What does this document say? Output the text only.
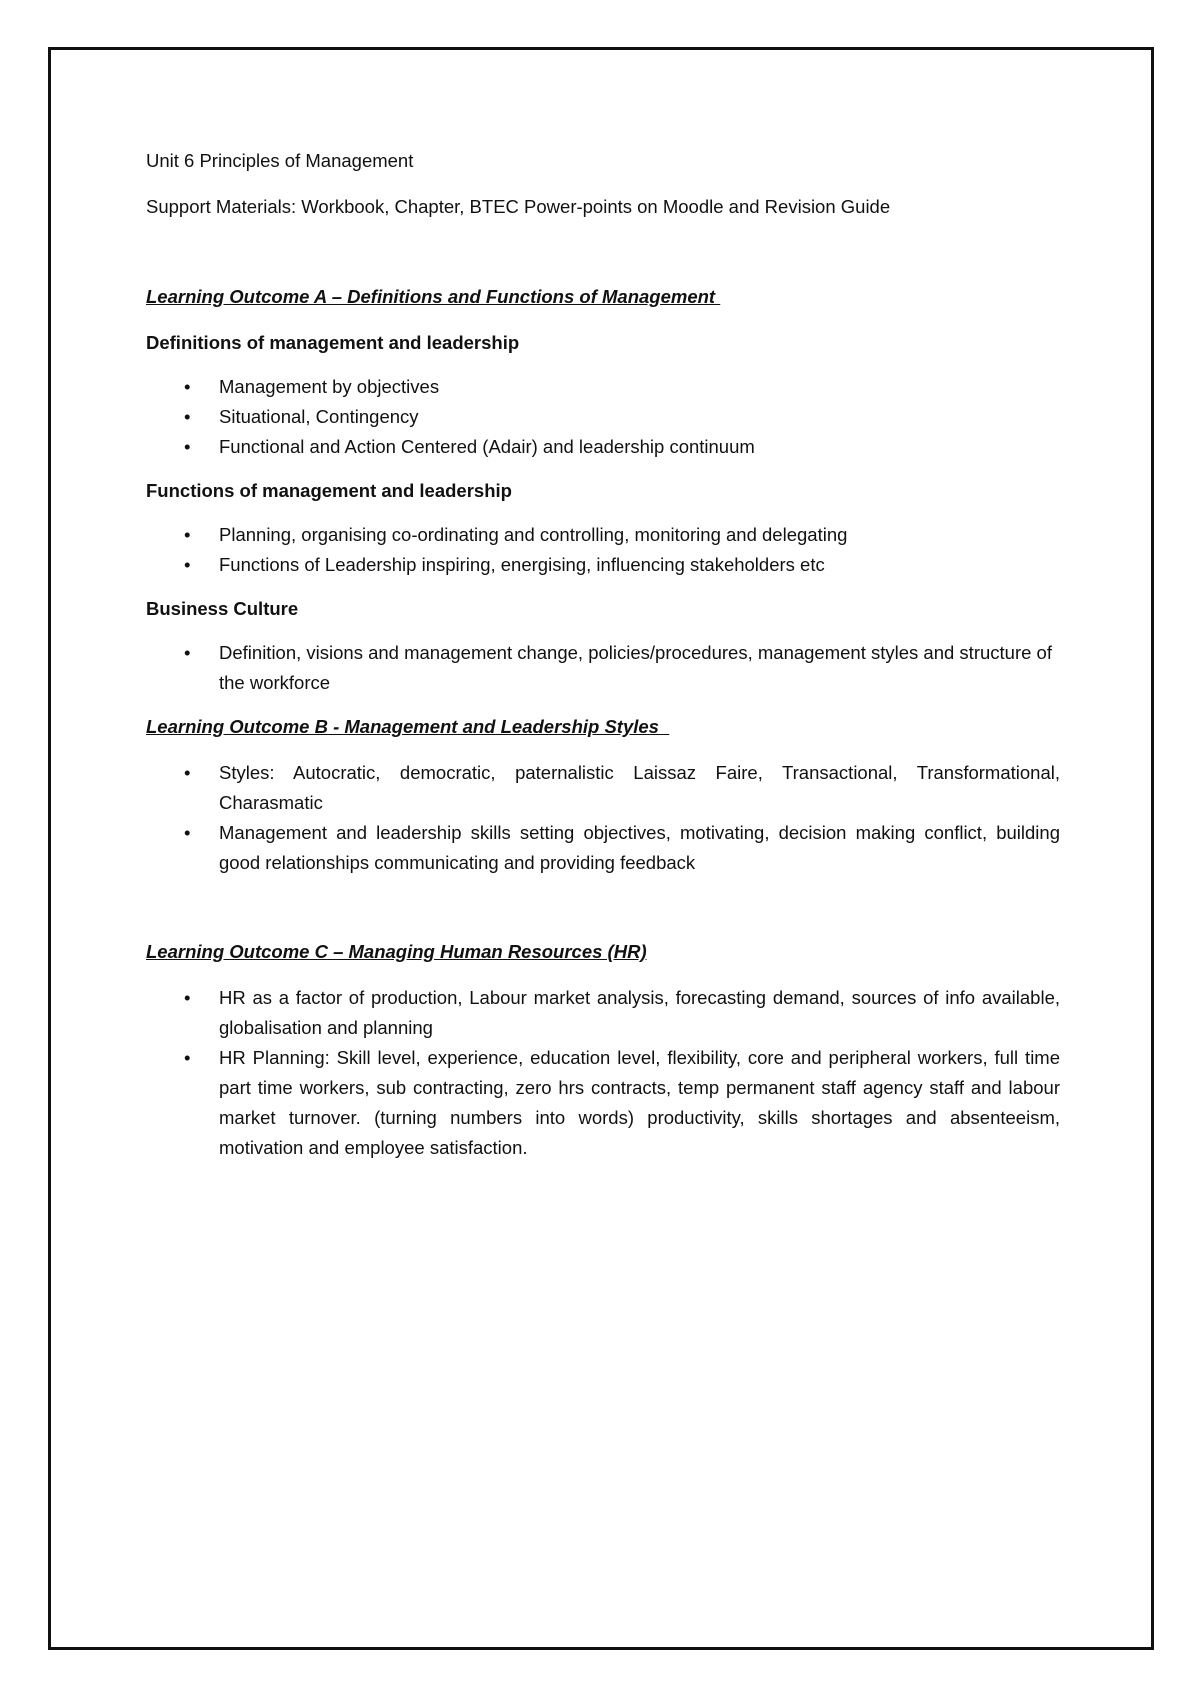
Unit 6 Principles of Management

Support Materials: Workbook, Chapter, BTEC Power-points on Moodle and Revision Guide

Learning Outcome A – Definitions and Functions of Management

Definitions of management and leadership

• Management by objectives
• Situational, Contingency
• Functional and Action Centered (Adair) and leadership continuum

Functions of management and leadership

• Planning, organising co-ordinating and controlling, monitoring and delegating
• Functions of Leadership inspiring, energising, influencing stakeholders etc

Business Culture

• Definition, visions and management change, policies/procedures, management styles and structure of the workforce

Learning Outcome B - Management and Leadership Styles

• Styles: Autocratic, democratic, paternalistic Laissaz Faire, Transactional, Transformational, Charasmatic
• Management and leadership skills setting objectives, motivating, decision making conflict, building good relationships communicating and providing feedback

Learning Outcome C – Managing Human Resources (HR)

• HR as a factor of production, Labour market analysis, forecasting demand, sources of info available, globalisation and planning
• HR Planning: Skill level, experience, education level, flexibility, core and peripheral workers, full time part time workers, sub contracting, zero hrs contracts, temp permanent staff agency staff and labour market turnover. (turning numbers into words) productivity, skills shortages and absenteeism, motivation and employee satisfaction.
